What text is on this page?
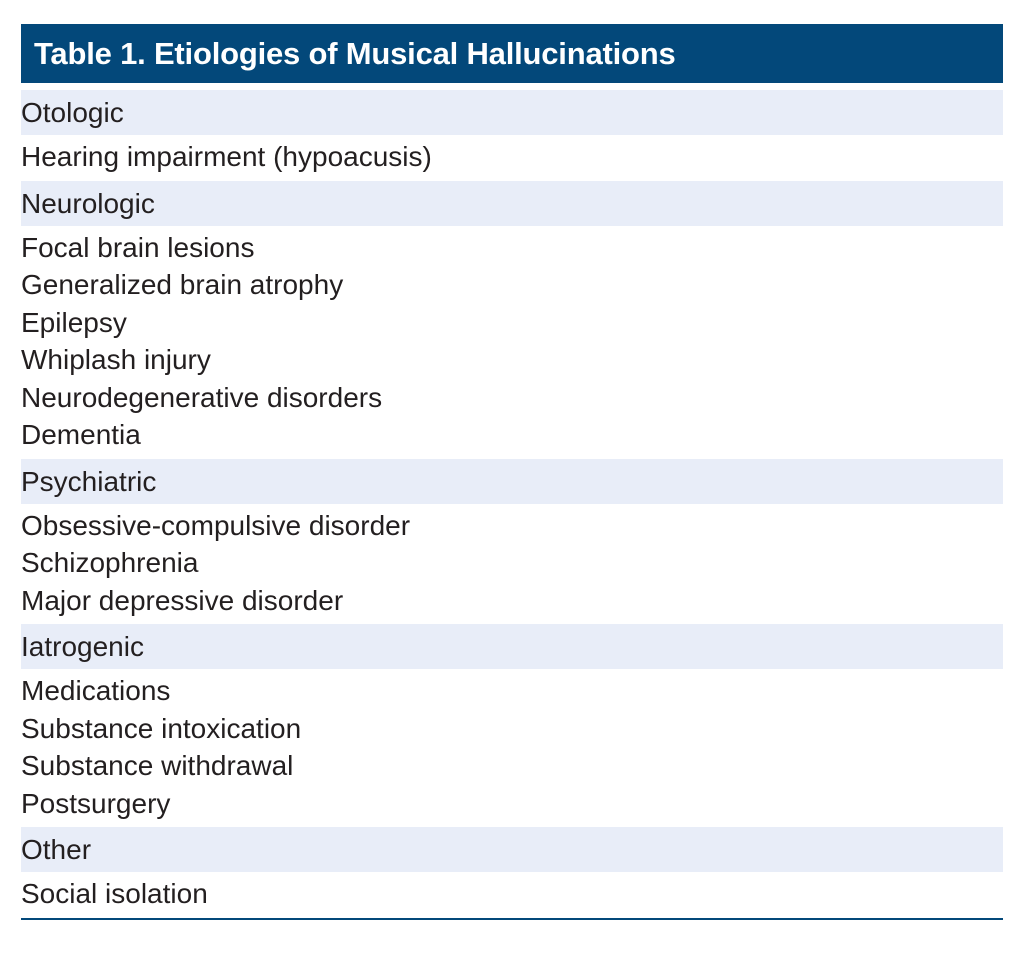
Table 1. Etiologies of Musical Hallucinations
Otologic
Hearing impairment (hypoacusis)
Neurologic
Focal brain lesions
Generalized brain atrophy
Epilepsy
Whiplash injury
Neurodegenerative disorders
Dementia
Psychiatric
Obsessive-compulsive disorder
Schizophrenia
Major depressive disorder
Iatrogenic
Medications
Substance intoxication
Substance withdrawal
Postsurgery
Other
Social isolation
